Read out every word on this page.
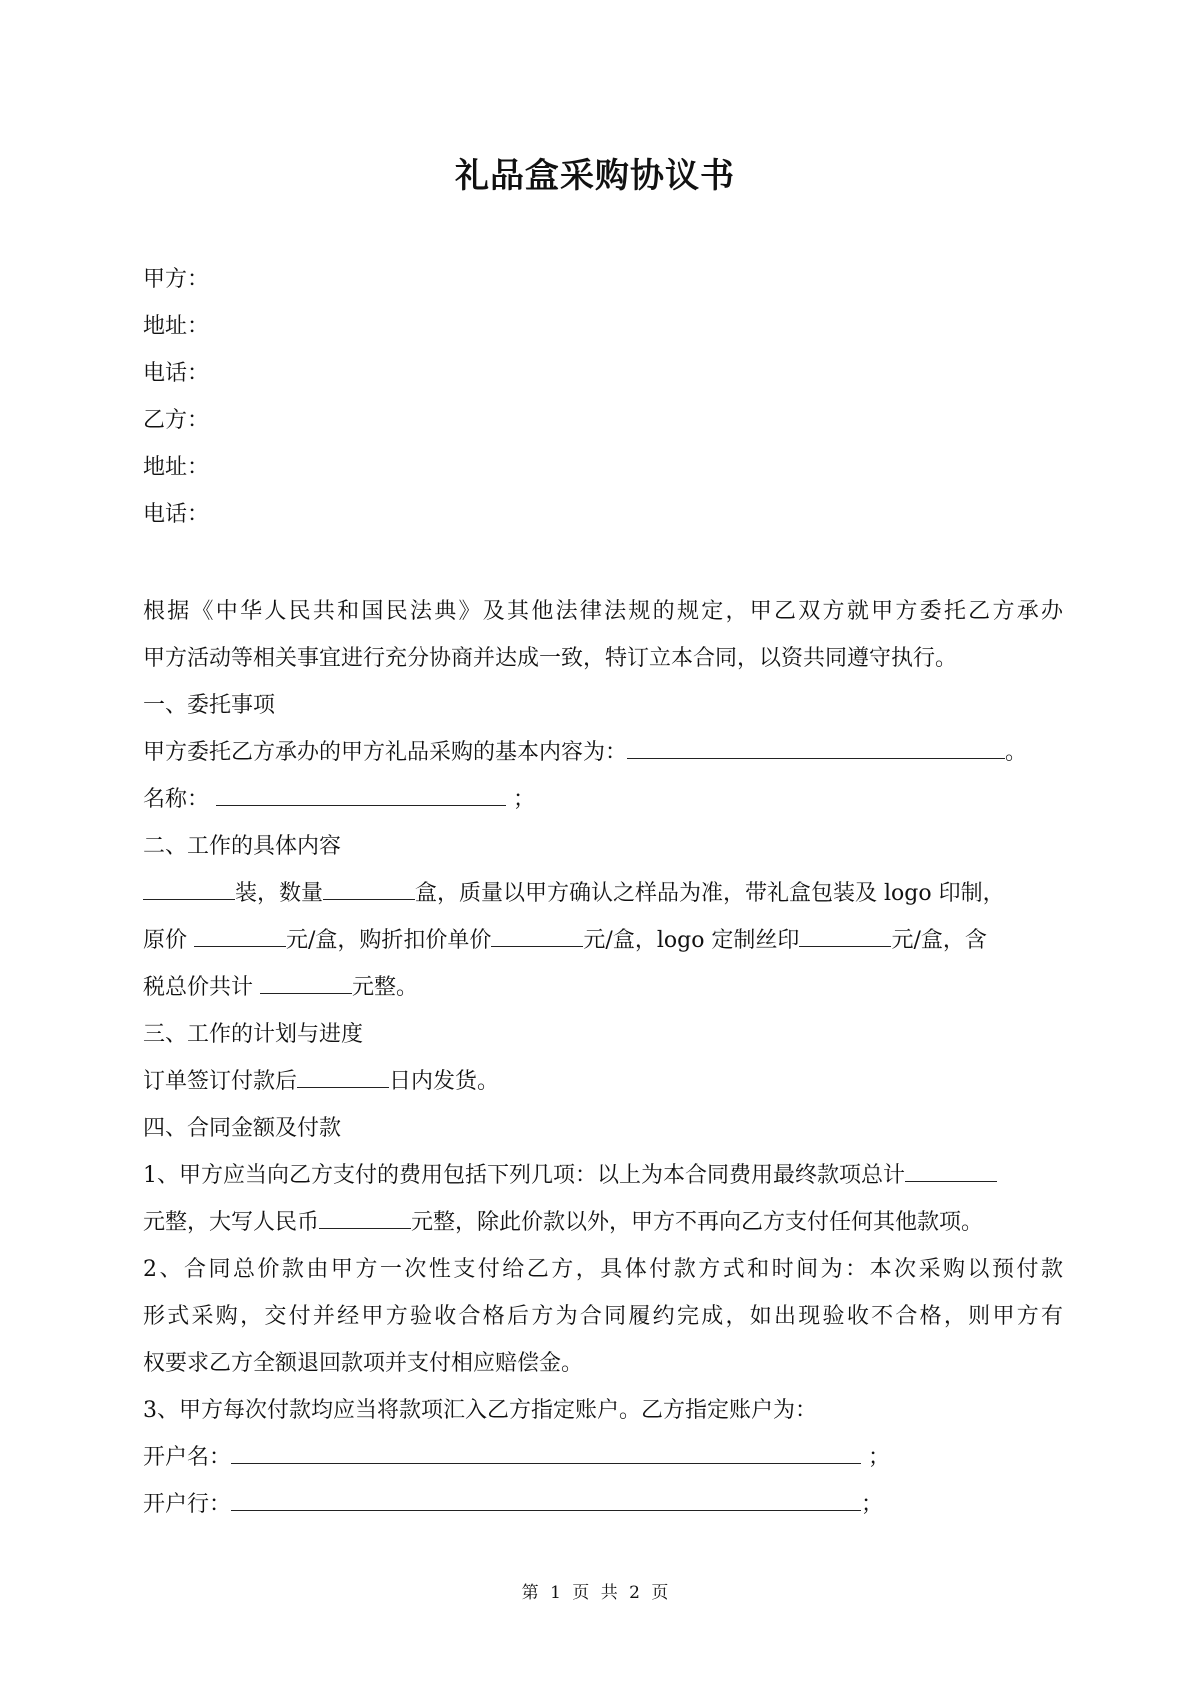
礼品盒采购协议书
甲方：
地址：
电话：
乙方：
地址：
电话：
根据《中华人民共和国民法典》及其他法律法规的规定，甲乙双方就甲方委托乙方承办
甲方活动等相关事宜进行充分协商并达成一致，特订立本合同，以资共同遵守执行。
一、委托事项
甲方委托乙方承办的甲方礼品采购的基本内容为：	。
名称：	；
二、工作的具体内容
装，数量	盒，质量以甲方确认之样品为准，带礼盒包装及 logo 印制，
原价	元/盒，购折扣价单价	元/盒，logo 定制丝印	元/盒，含
税总价共计	元整。
三、工作的计划与进度
订单签订付款后	日内发货。
四、合同金额及付款
1、甲方应当向乙方支付的费用包括下列几项：以上为本合同费用最终款项总计
元整，大写人民币	元整，除此价款以外，甲方不再向乙方支付任何其他款项。
2、合同总价款由甲方一次性支付给乙方，具体付款方式和时间为：本次采购以预付款
形式采购，交付并经甲方验收合格后方为合同履约完成，如出现验收不合格，则甲方有
权要求乙方全额退回款项并支付相应赔偿金。
3、甲方每次付款均应当将款项汇入乙方指定账户。乙方指定账户为：
开户名：	；
开户行：	；
第 1 页 共 2 页
